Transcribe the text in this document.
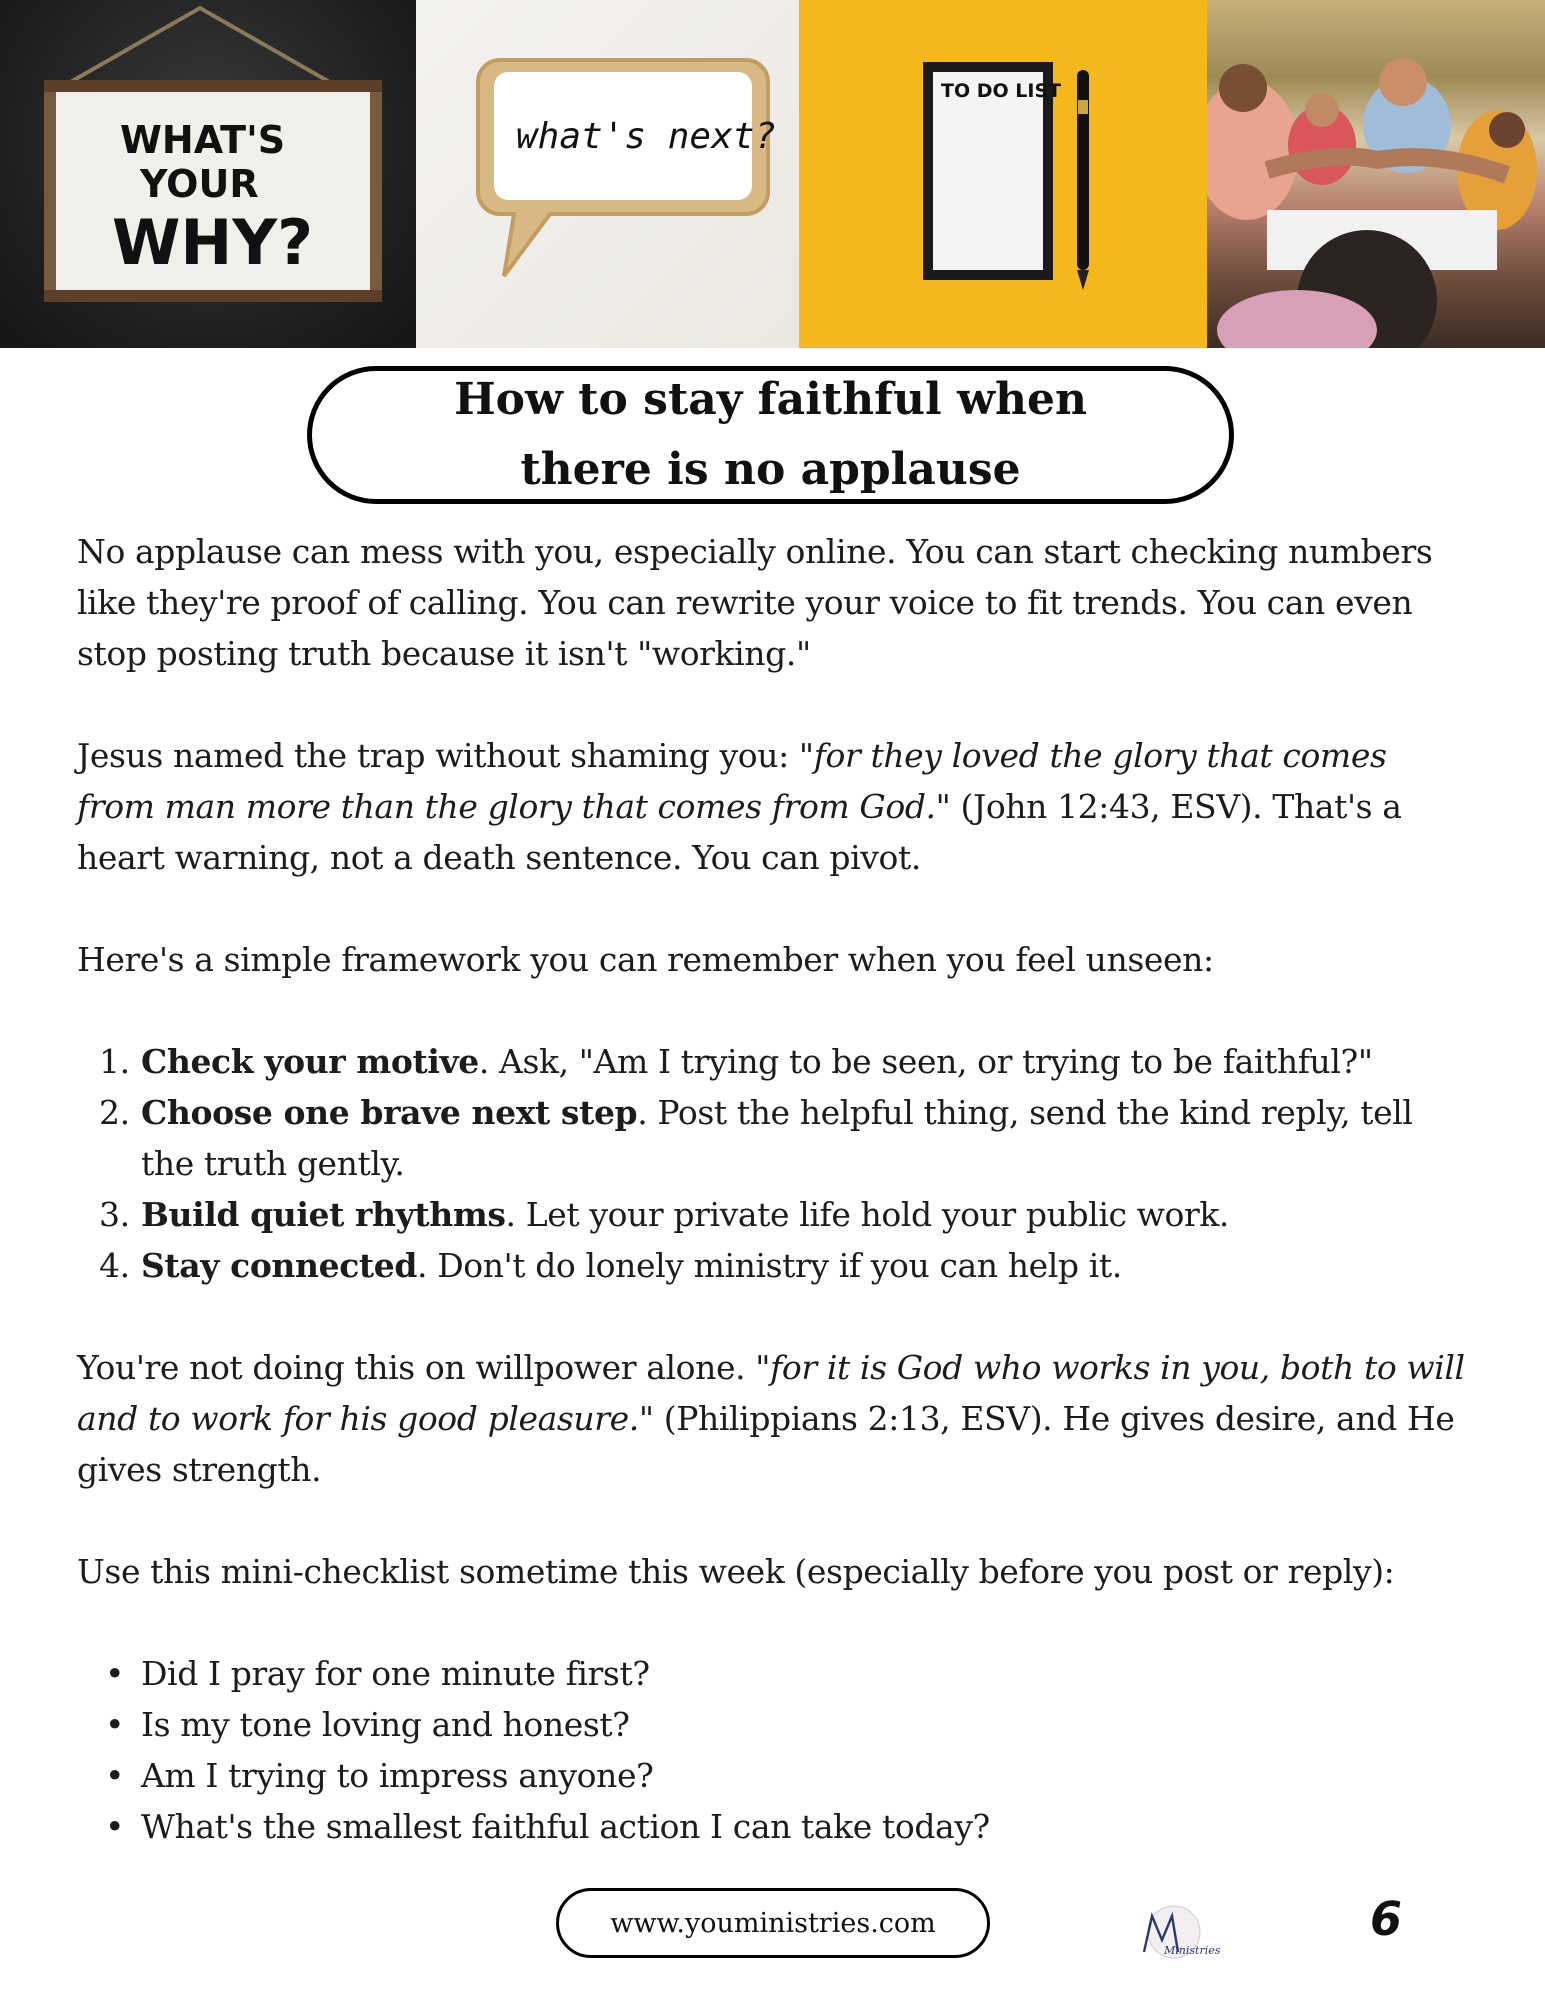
WHAT'S
YOUR
WHY?
what's next?
TO DO LIST
How to stay faithful when there is no applause

No applause can mess with you, especially online. You can start checking numbers like they're proof of calling. You can rewrite your voice to fit trends. You can even stop posting truth because it isn't "working."

Jesus named the trap without shaming you: "for they loved the glory that comes from man more than the glory that comes from God." (John 12:43, ESV). That's a heart warning, not a death sentence. You can pivot.

Here's a simple framework you can remember when you feel unseen:

1. Check your motive. Ask, "Am I trying to be seen, or trying to be faithful?"
2. Choose one brave next step. Post the helpful thing, send the kind reply, tell the truth gently.
3. Build quiet rhythms. Let your private life hold your public work.
4. Stay connected. Don't do lonely ministry if you can help it.

You're not doing this on willpower alone. "for it is God who works in you, both to will and to work for his good pleasure." (Philippians 2:13, ESV). He gives desire, and He gives strength.

Use this mini-checklist sometime this week (especially before you post or reply):

• Did I pray for one minute first?
• Is my tone loving and honest?
• Am I trying to impress anyone?
• What's the smallest faithful action I can take today?
www.youministries.com
Ministries
6
